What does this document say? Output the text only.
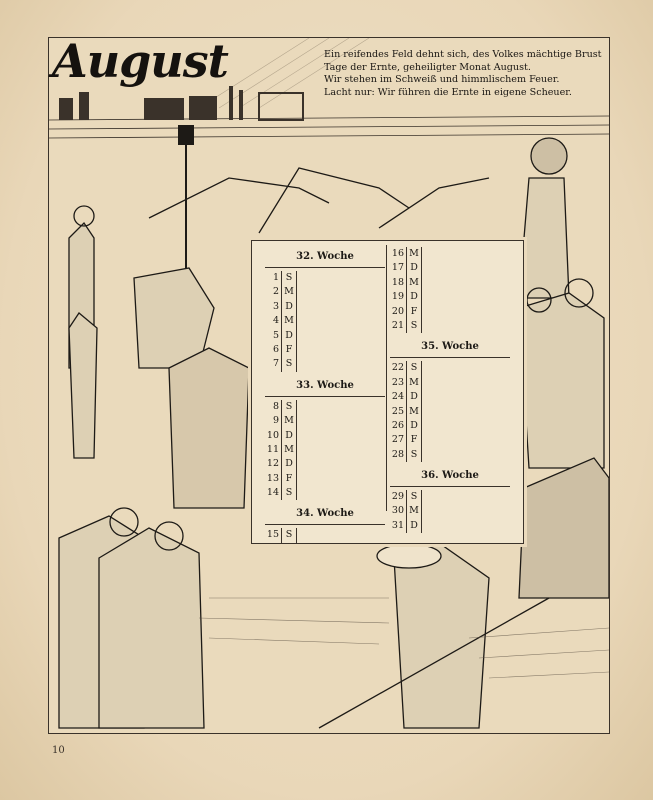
August	Ein reifendes Feld dehnt sich, des Volkes mächtige Brust
Tage der Ernte, geheiligter Monat August.
Wir stehen im Schweiß und himmlischem Feuer.
Lacht nur: Wir führen die Ernte in eigene Scheuer.
32. Woche
1 S
2 M
3 D
4 M
5 D
6 F
7 S
33. Woche
8 S
9 M
10 D
11 M
12 D
13 F
14 S
34. Woche
15 S
16 M
17 D
18 M
19 D
20 F
21 S
35. Woche
22 S
23 M
24 D
25 M
26 D
27 F
28 S
36. Woche
29 S
30 M
31 D
10
